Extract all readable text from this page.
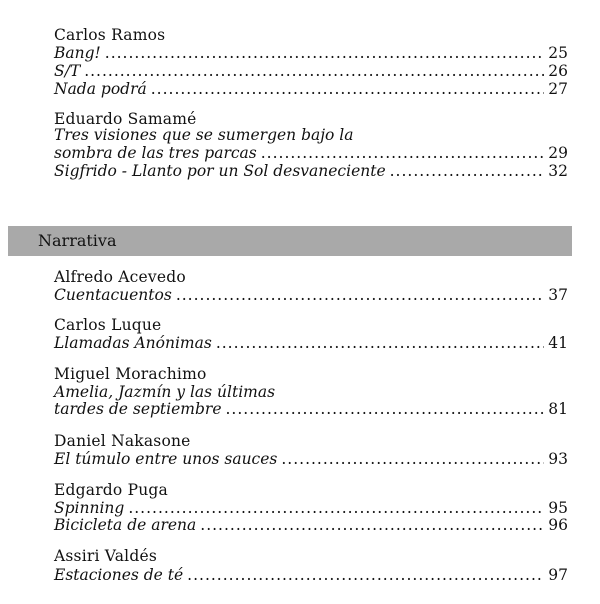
Carlos Ramos
Bang! .....	25
S/T .....	26
Nada podrá .....	27
Eduardo Samamé
Tres visiones que se sumergen bajo la
sombra de las tres parcas .....	29
Sigfrido - Llanto por un Sol desvaneciente .....	32
Narrativa
Alfredo Acevedo
Cuentacuentos .....	37
Carlos Luque
Llamadas Anónimas .....	41
Miguel Morachimo
Amelia, Jazmín y las últimas
tardes de septiembre .....	81
Daniel Nakasone
El túmulo entre unos sauces .....	93
Edgardo Puga
Spinning .....	95
Bicicleta de arena .....	96
Assiri Valdés
Estaciones de té .....	97
